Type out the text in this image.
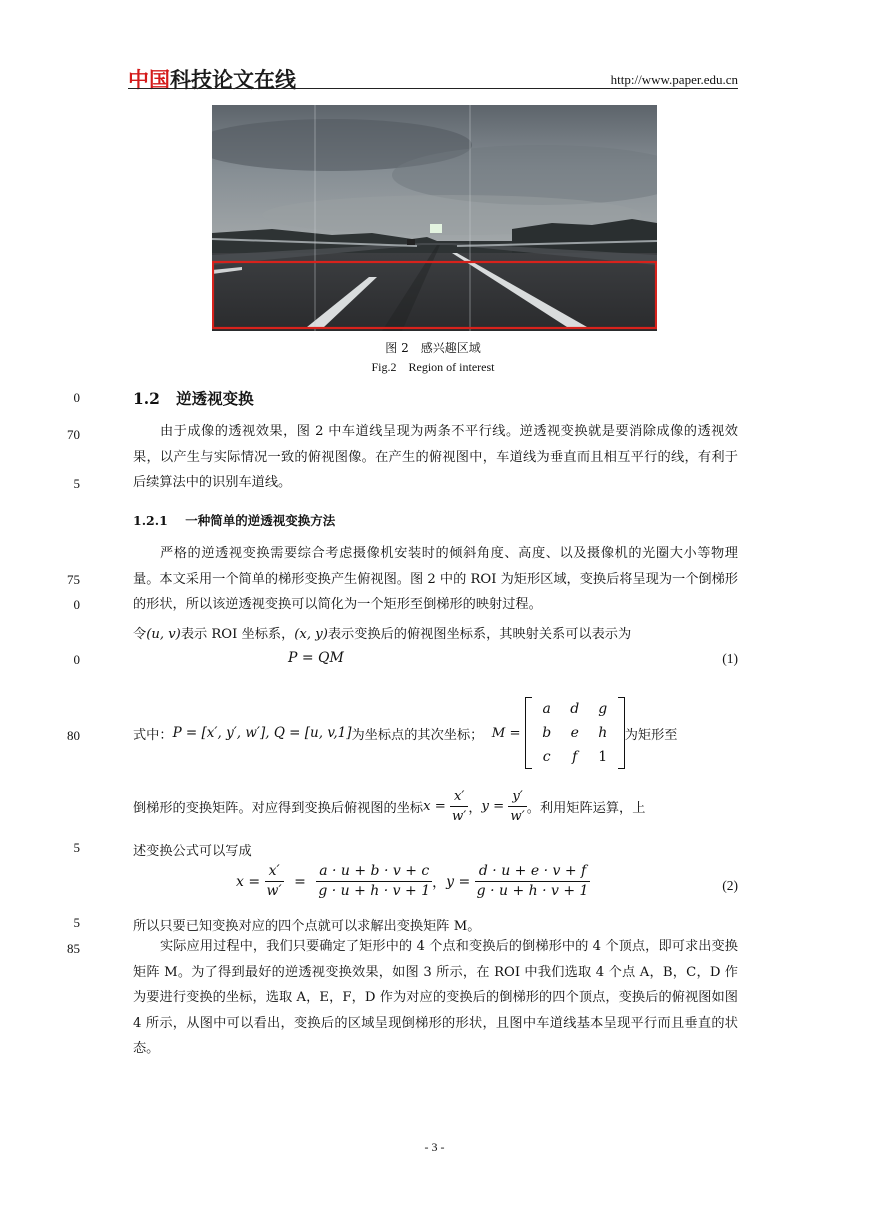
中国科技论文在线	http://www.paper.edu.cn
图 2　感兴趣区域
Fig.2　Region of interest
0
70
5
75
0
0
80
5
5
85
1.2 逆透视变换
由于成像的透视效果，图 2 中车道线呈现为两条不平行线。逆透视变换就是要消除成像的透视效果，以产生与实际情况一致的俯视图像。在产生的俯视图中，车道线为垂直而且相互平行的线，有利于后续算法中的识别车道线。
1.2.1 一种简单的逆透视变换方法
严格的逆透视变换需要综合考虑摄像机安装时的倾斜角度、高度、以及摄像机的光圈大小等物理量。本文采用一个简单的梯形变换产生俯视图。图 2 中的 ROI 为矩形区域，变换后将呈现为一个倒梯形的形状，所以该逆透视变换可以简化为一个矩形至倒梯形的映射过程。
令(u, v)表示 ROI 坐标系，(x, y)表示变换后的俯视图坐标系，其映射关系可以表示为
P = QM	(1)
式中：P = [x′, y′, w′], Q = [u, v,1]为坐标点的其次坐标； M =
a	d	g
b	e	h
c	f	1
为矩形至
倒梯形的变换矩阵。对应得到变换后俯视图的坐标$x = \frac{x'}{w'}$ ，$y = \frac{y'}{w'}$ 。利用矩阵运算，上
述变换公式可以写成
$x = \frac{x'}{w'} = \frac{a \cdot u + b \cdot v + c}{g \cdot u + h \cdot v + 1}$ ，$y = \frac{d \cdot u + e \cdot v + f}{g \cdot u + h \cdot v + 1}$	(2)
所以只要已知变换对应的四个点就可以求解出变换矩阵 M。
实际应用过程中，我们只要确定了矩形中的 4 个点和变换后的倒梯形中的 4 个顶点，即可求出变换矩阵 M。为了得到最好的逆透视变换效果，如图 3 所示，在 ROI 中我们选取 4 个点 A，B，C，D 作为要进行变换的坐标，选取 A，E，F，D 作为对应的变换后的倒梯形的四个顶点，变换后的俯视图如图 4 所示，从图中可以看出，变换后的区域呈现倒梯形的形状，且图中车道线基本呈现平行而且垂直的状态。
- 3 -
